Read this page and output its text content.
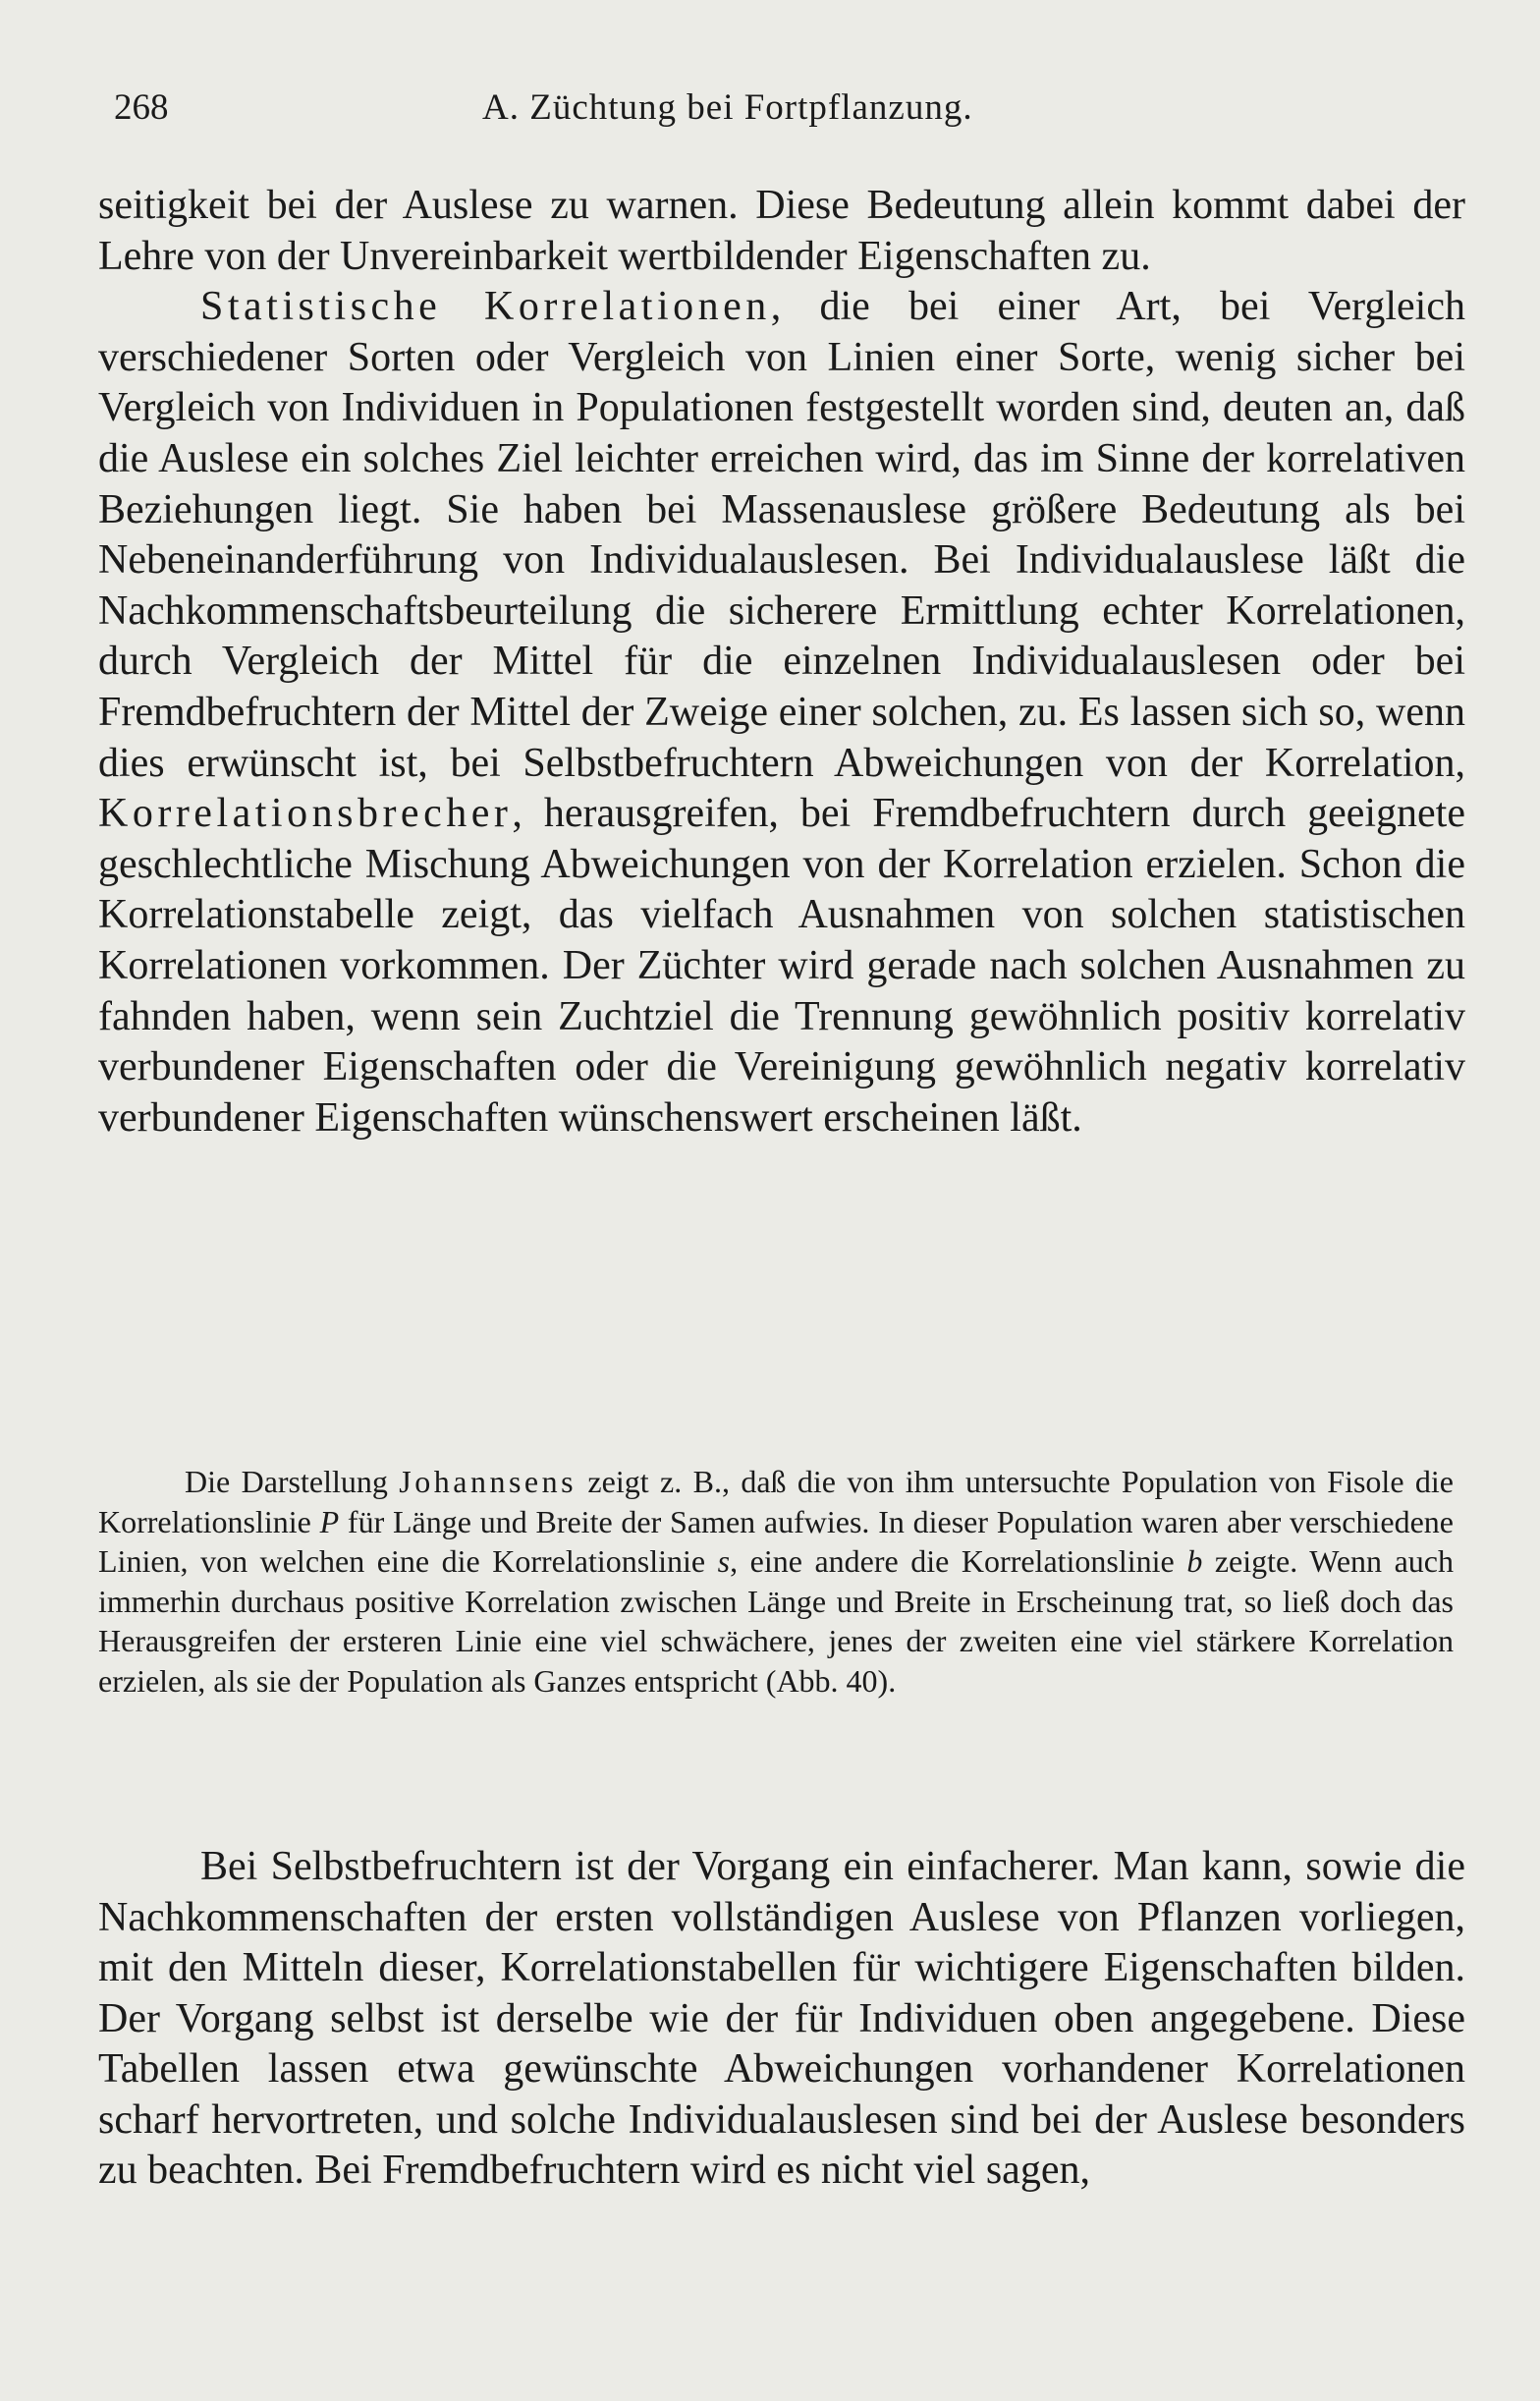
268	A. Züchtung bei Fortpflanzung.

seitigkeit bei der Auslese zu warnen. Diese Bedeutung allein kommt dabei der Lehre von der Unvereinbarkeit wertbildender Eigenschaften zu.

Statistische Korrelationen, die bei einer Art, bei Vergleich verschiedener Sorten oder Vergleich von Linien einer Sorte, wenig sicher bei Vergleich von Individuen in Populationen festgestellt worden sind, deuten an, daß die Auslese ein solches Ziel leichter erreichen wird, das im Sinne der korrelativen Beziehungen liegt. Sie haben bei Massenauslese größere Bedeutung als bei Nebeneinanderführung von Individualauslesen. Bei Individualauslese läßt die Nachkommenschaftsbeurteilung die sicherere Ermittlung echter Korrelationen, durch Vergleich der Mittel für die einzelnen Individualauslesen oder bei Fremdbefruchtern der Mittel der Zweige einer solchen, zu. Es lassen sich so, wenn dies erwünscht ist, bei Selbstbefruchtern Abweichungen von der Korrelation, Korrelationsbrecher, herausgreifen, bei Fremdbefruchtern durch geeignete geschlechtliche Mischung Abweichungen von der Korrelation erzielen. Schon die Korrelationstabelle zeigt, das vielfach Ausnahmen von solchen statistischen Korrelationen vorkommen. Der Züchter wird gerade nach solchen Ausnahmen zu fahnden haben, wenn sein Zuchtziel die Trennung gewöhnlich positiv korrelativ verbundener Eigenschaften oder die Vereinigung gewöhnlich negativ korrelativ verbundener Eigenschaften wünschenswert erscheinen läßt.

Die Darstellung Johannsens zeigt z. B., daß die von ihm untersuchte Population von Fisole die Korrelationslinie P für Länge und Breite der Samen aufwies. In dieser Population waren aber verschiedene Linien, von welchen eine die Korrelationslinie s, eine andere die Korrelationslinie b zeigte. Wenn auch immerhin durchaus positive Korrelation zwischen Länge und Breite in Erscheinung trat, so ließ doch das Herausgreifen der ersteren Linie eine viel schwächere, jenes der zweiten eine viel stärkere Korrelation erzielen, als sie der Population als Ganzes entspricht (Abb. 40).

Bei Selbstbefruchtern ist der Vorgang ein einfacherer. Man kann, sowie die Nachkommenschaften der ersten vollständigen Auslese von Pflanzen vorliegen, mit den Mitteln dieser, Korrelationstabellen für wichtigere Eigenschaften bilden. Der Vorgang selbst ist derselbe wie der für Individuen oben angegebene. Diese Tabellen lassen etwa gewünschte Abweichungen vorhandener Korrelationen scharf hervortreten, und solche Individualauslesen sind bei der Auslese besonders zu beachten. Bei Fremdbefruchtern wird es nicht viel sagen,
